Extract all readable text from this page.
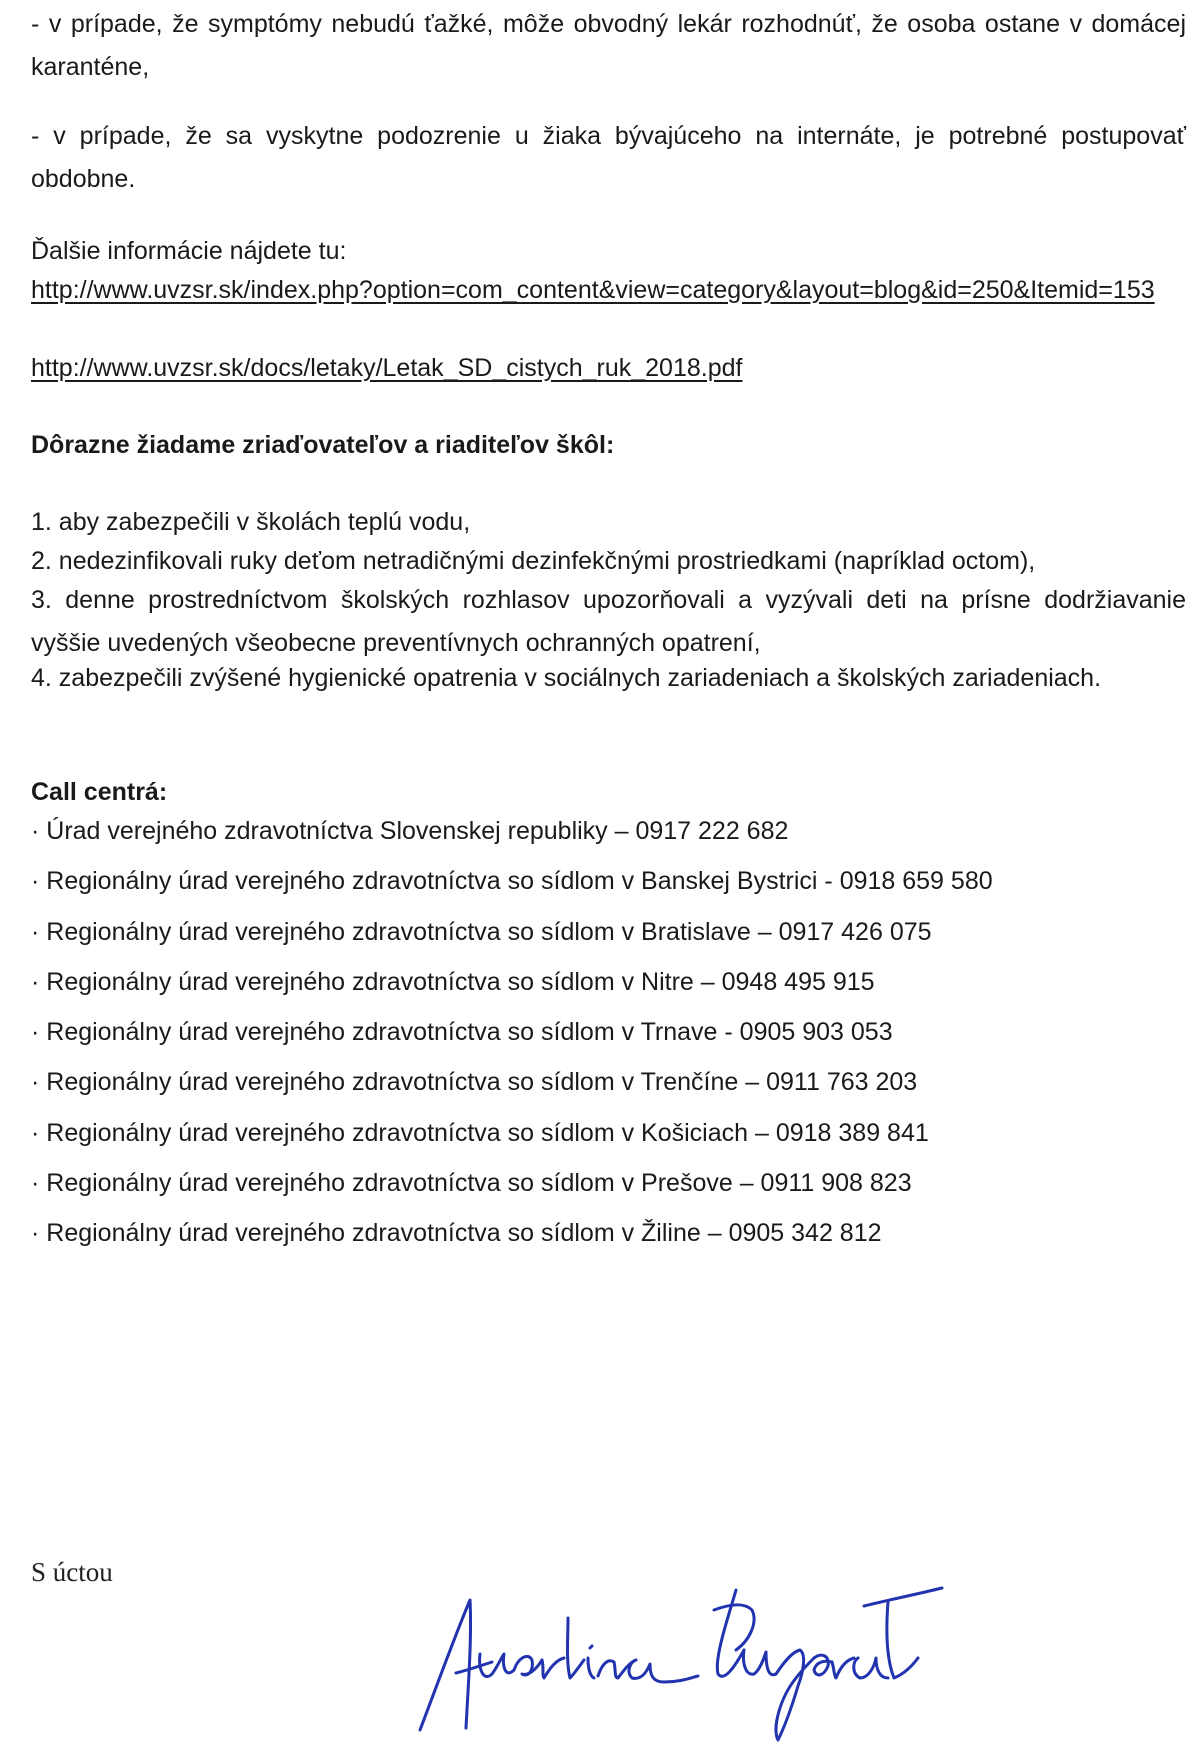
- v prípade, že symptómy nebudú ťažké, môže obvodný lekár rozhodnúť, že osoba ostane v domácej karanténe,

- v prípade, že sa vyskytne podozrenie u žiaka bývajúceho na internáte, je potrebné postupovať obdobne.

Ďalšie informácie nájdete tu:

http://www.uvzsr.sk/index.php?option=com_content&view=category&layout=blog&id=250&Itemid=153
http://www.uvzsr.sk/docs/letaky/Letak_SD_cistych_ruk_2018.pdf

Dôrazne žiadame zriaďovateľov a riaditeľov škôl:

1. aby zabezpečili v školách teplú vodu,

2. nedezinfikovali ruky deťom netradičnými dezinfekčnými prostriedkami (napríklad octom),

3. denne prostredníctvom školských rozhlasov upozorňovali a vyzývali deti na prísne dodržiavanie vyššie uvedených všeobecne preventívnych ochranných opatrení,

4. zabezpečili zvýšené hygienické opatrenia v sociálnych zariadeniach a školských zariadeniach.

Call centrá:

· Úrad verejného zdravotníctva Slovenskej republiky – 0917 222 682
· Regionálny úrad verejného zdravotníctva so sídlom v Banskej Bystrici - 0918 659 580
· Regionálny úrad verejného zdravotníctva so sídlom v Bratislave – 0917 426 075
· Regionálny úrad verejného zdravotníctva so sídlom v Nitre – 0948 495 915
· Regionálny úrad verejného zdravotníctva so sídlom v Trnave - 0905 903 053
· Regionálny úrad verejného zdravotníctva so sídlom v Trenčíne – 0911 763 203
· Regionálny úrad verejného zdravotníctva so sídlom v Košiciach – 0918 389 841
· Regionálny úrad verejného zdravotníctva so sídlom v Prešove – 0911 908 823
· Regionálny úrad verejného zdravotníctva so sídlom v Žiline – 0905 342 812
S úctou
